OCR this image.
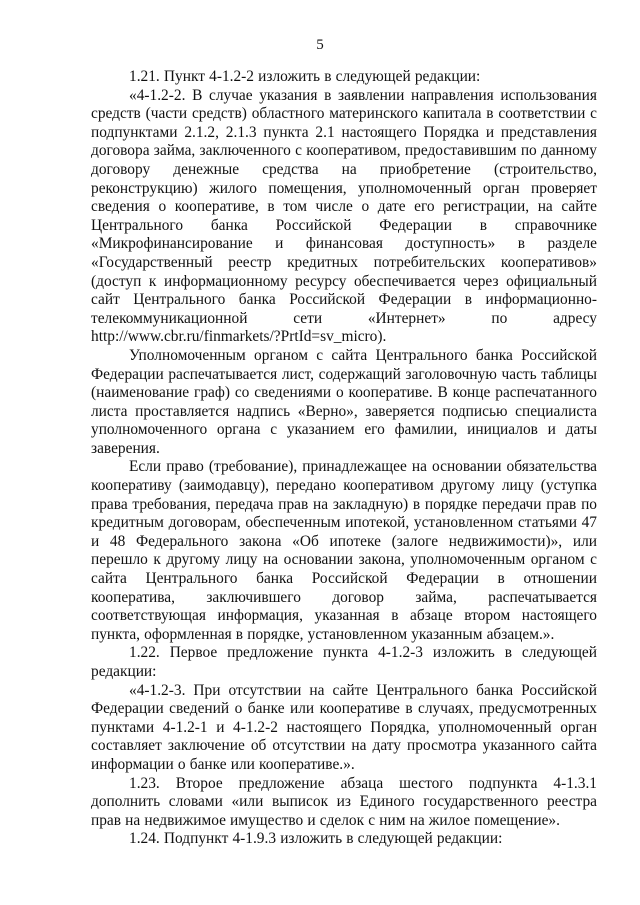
5

1.21. Пункт 4-1.2-2 изложить в следующей редакции:

«4-1.2-2. В случае указания в заявлении направления использования средств (части средств) областного материнского капитала в соответствии с подпунктами 2.1.2, 2.1.3 пункта 2.1 настоящего Порядка и представления договора займа, заключенного с кооперативом, предоставившим по данному договору денежные средства на приобретение (строительство, реконструкцию) жилого помещения, уполномоченный орган проверяет сведения о кооперативе, в том числе о дате его регистрации, на сайте Центрального банка Российской Федерации в справочнике «Микрофинансирование и финансовая доступность» в разделе «Государственный реестр кредитных потребительских кооперативов» (доступ к информационному ресурсу обеспечивается через официальный сайт Центрального банка Российской Федерации в информационно-телекоммуникационной сети «Интернет» по адресу http://www.cbr.ru/finmarkets/?PrtId=sv_micro).

Уполномоченным органом с сайта Центрального банка Российской Федерации распечатывается лист, содержащий заголовочную часть таблицы (наименование граф) со сведениями о кооперативе. В конце распечатанного листа проставляется надпись «Верно», заверяется подписью специалиста уполномоченного органа с указанием его фамилии, инициалов и даты заверения.

Если право (требование), принадлежащее на основании обязательства кооперативу (заимодавцу), передано кооперативом другому лицу (уступка права требования, передача прав на закладную) в порядке передачи прав по кредитным договорам, обеспеченным ипотекой, установленном статьями 47 и 48 Федерального закона «Об ипотеке (залоге недвижимости)», или перешло к другому лицу на основании закона, уполномоченным органом с сайта Центрального банка Российской Федерации в отношении кооператива, заключившего договор займа, распечатывается соответствующая информация, указанная в абзаце втором настоящего пункта, оформленная в порядке, установленном указанным абзацем.».

1.22. Первое предложение пункта 4-1.2-3 изложить в следующей редакции:

«4-1.2-3. При отсутствии на сайте Центрального банка Российской Федерации сведений о банке или кооперативе в случаях, предусмотренных пунктами 4-1.2-1 и 4-1.2-2 настоящего Порядка, уполномоченный орган составляет заключение об отсутствии на дату просмотра указанного сайта информации о банке или кооперативе.».

1.23. Второе предложение абзаца шестого подпункта 4-1.3.1 дополнить словами «или выписок из Единого государственного реестра прав на недвижимое имущество и сделок с ним на жилое помещение».

1.24. Подпункт 4-1.9.3 изложить в следующей редакции:
